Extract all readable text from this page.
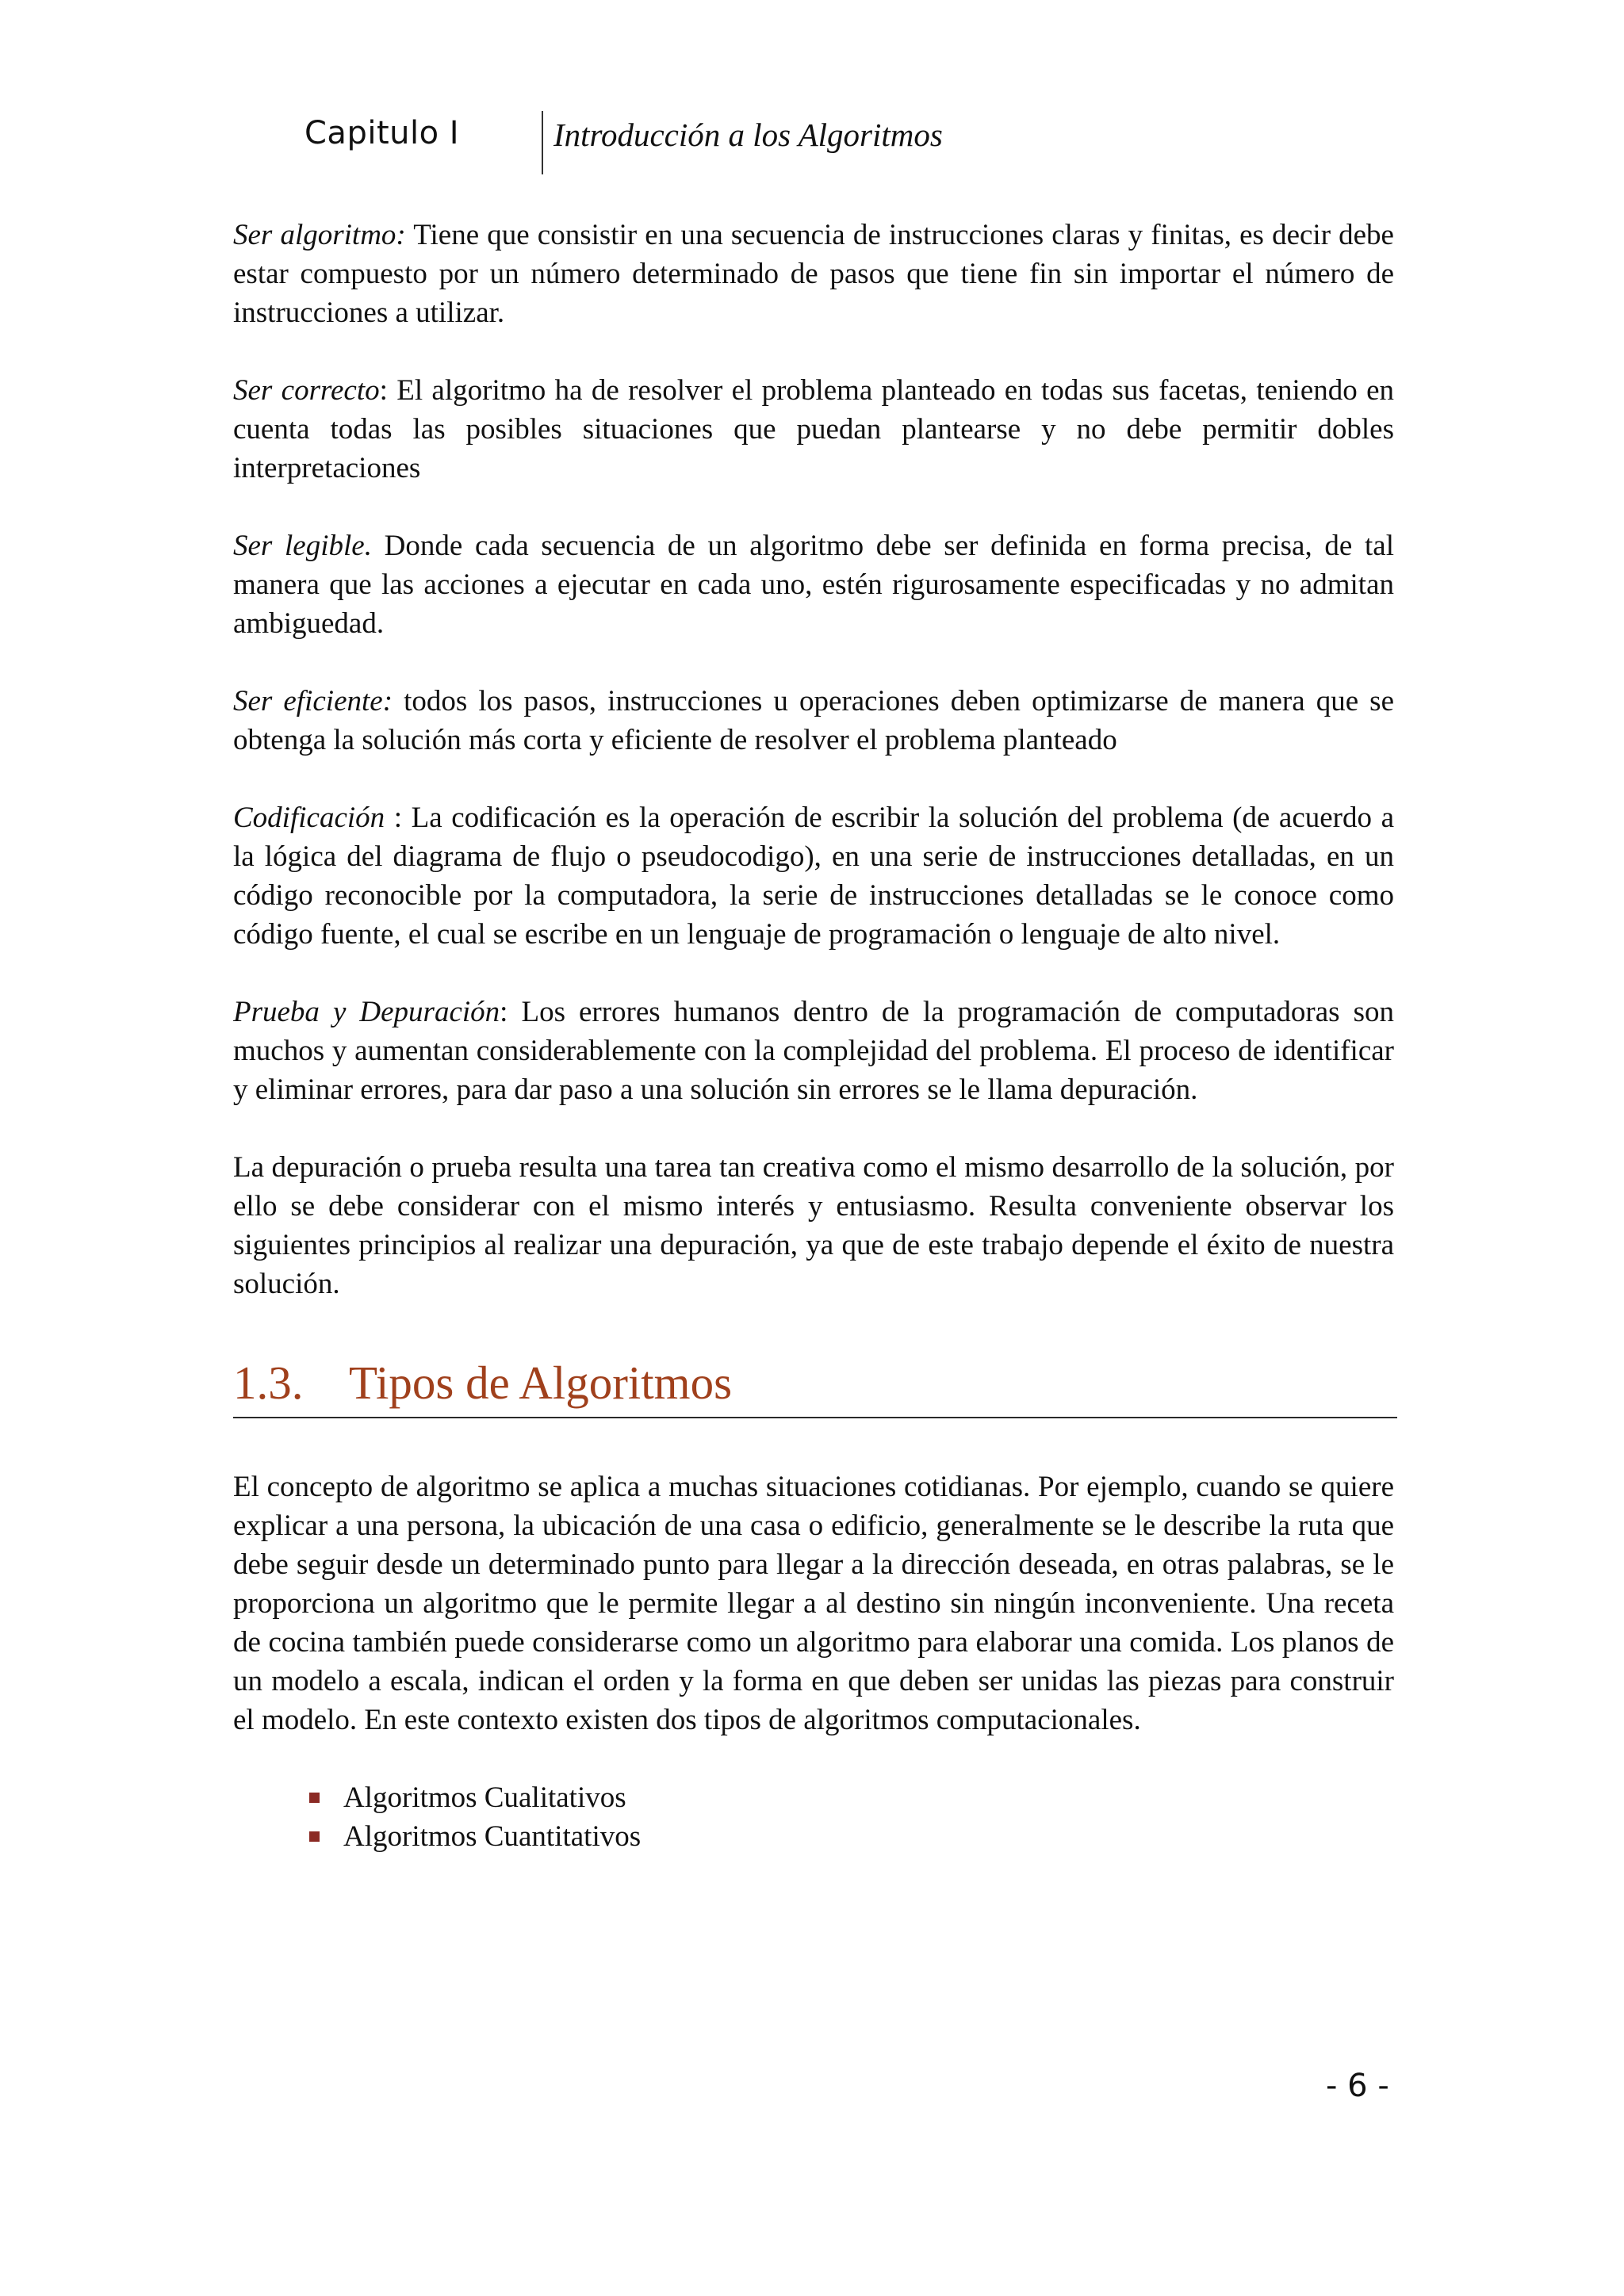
Capitulo I	Introducción a los Algoritmos

Ser algoritmo: Tiene que consistir en una secuencia de instrucciones claras y finitas, es decir debe estar compuesto por un número determinado de pasos que tiene fin sin importar el número de instrucciones a utilizar.

Ser correcto: El algoritmo ha de resolver el problema planteado en todas sus facetas, teniendo en cuenta todas las posibles situaciones que puedan plantearse y no debe permitir dobles interpretaciones

Ser legible. Donde cada secuencia de un algoritmo debe ser definida en forma precisa, de tal manera que las acciones a ejecutar en cada uno, estén rigurosamente especificadas y no admitan ambiguedad.

Ser eficiente: todos los pasos, instrucciones u operaciones deben optimizarse de manera que se obtenga la solución más corta y eficiente de resolver el problema planteado

Codificación : La codificación es la operación de escribir la solución del problema (de acuerdo a la lógica del diagrama de flujo o pseudocodigo), en una serie de instrucciones detalladas, en un código reconocible por la computadora, la serie de instrucciones detalladas se le conoce como código fuente, el cual se escribe en un lenguaje de programación o lenguaje de alto nivel.

Prueba y Depuración: Los errores humanos dentro de la programación de computadoras son muchos y aumentan considerablemente con la complejidad del problema. El proceso de identificar y eliminar errores, para dar paso a una solución sin errores se le llama depuración.

La depuración o prueba resulta una tarea tan creativa como el mismo desarrollo de la solución, por ello se debe considerar con el mismo interés y entusiasmo. Resulta conveniente observar los siguientes principios al realizar una depuración, ya que de este trabajo depende el éxito de nuestra solución.

1.3. Tipos de Algoritmos

El concepto de algoritmo se aplica a muchas situaciones cotidianas. Por ejemplo, cuando se quiere explicar a una persona, la ubicación de una casa o edificio, generalmente se le describe la ruta que debe seguir desde un determinado punto para llegar a la dirección deseada, en otras palabras, se le proporciona un algoritmo que le permite llegar a al destino sin ningún inconveniente. Una receta de cocina también puede considerarse como un algoritmo para elaborar una comida. Los planos de un modelo a escala, indican el orden y la forma en que deben ser unidas las piezas para construir el modelo. En este contexto existen dos tipos de algoritmos computacionales.

Algoritmos Cualitativos
Algoritmos Cuantitativos
- 6 -
